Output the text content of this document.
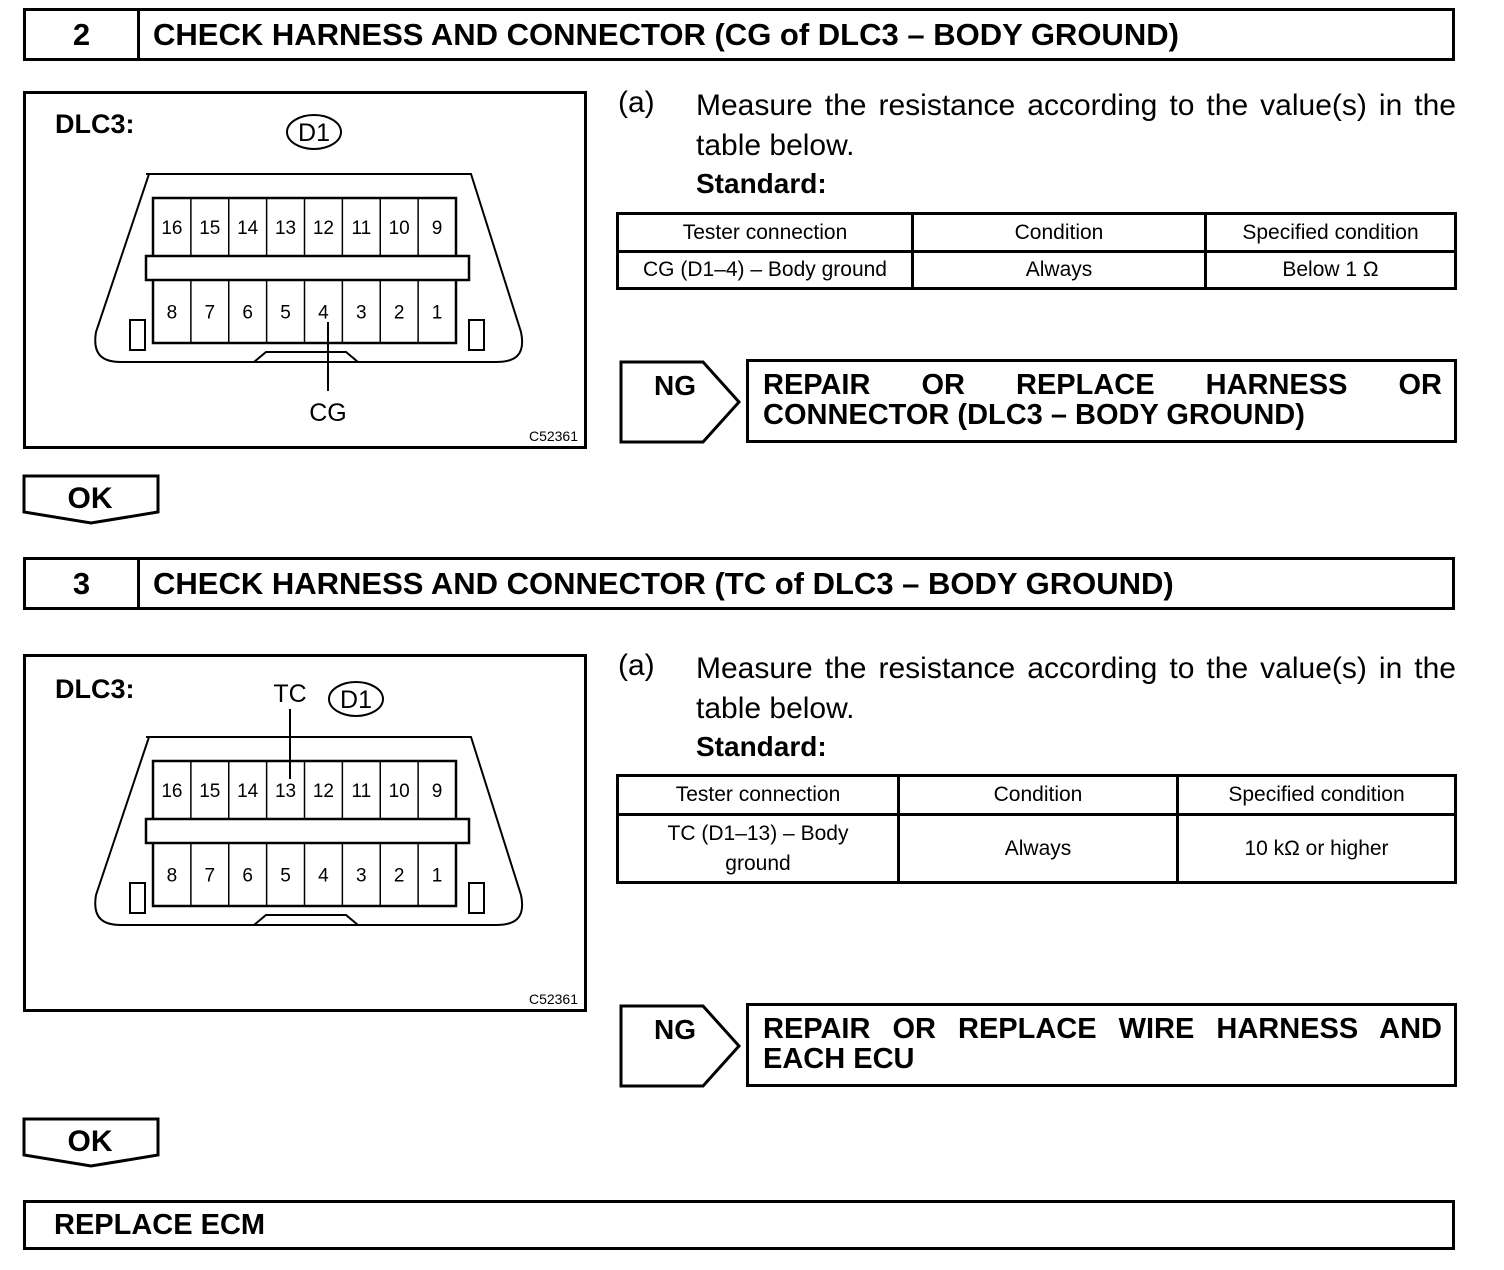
2	CHECK HARNESS AND CONNECTOR (CG of DLC3 – BODY GROUND)
DLC3:	D1
16 15 14 13 12 11 10 9
8 7 6 5 4 3 2 1
CG
C52361
(a) Measure the resistance according to the value(s) in the table below.
Standard:
Tester connection	Condition	Specified condition
CG (D1–4) – Body ground	Always	Below 1 Ω
NG	REPAIR OR REPLACE HARNESS OR CONNECTOR (DLC3 – BODY GROUND)
OK
3	CHECK HARNESS AND CONNECTOR (TC of DLC3 – BODY GROUND)
DLC3:	TC D1
16 15 14 13 12 11 10 9
8 7 6 5 4 3 2 1
C52361
(a) Measure the resistance according to the value(s) in the table below.
Standard:
Tester connection	Condition	Specified condition
TC (D1–13) – Body ground	Always	10 kΩ or higher
NG	REPAIR OR REPLACE WIRE HARNESS AND EACH ECU
OK
REPLACE ECM
